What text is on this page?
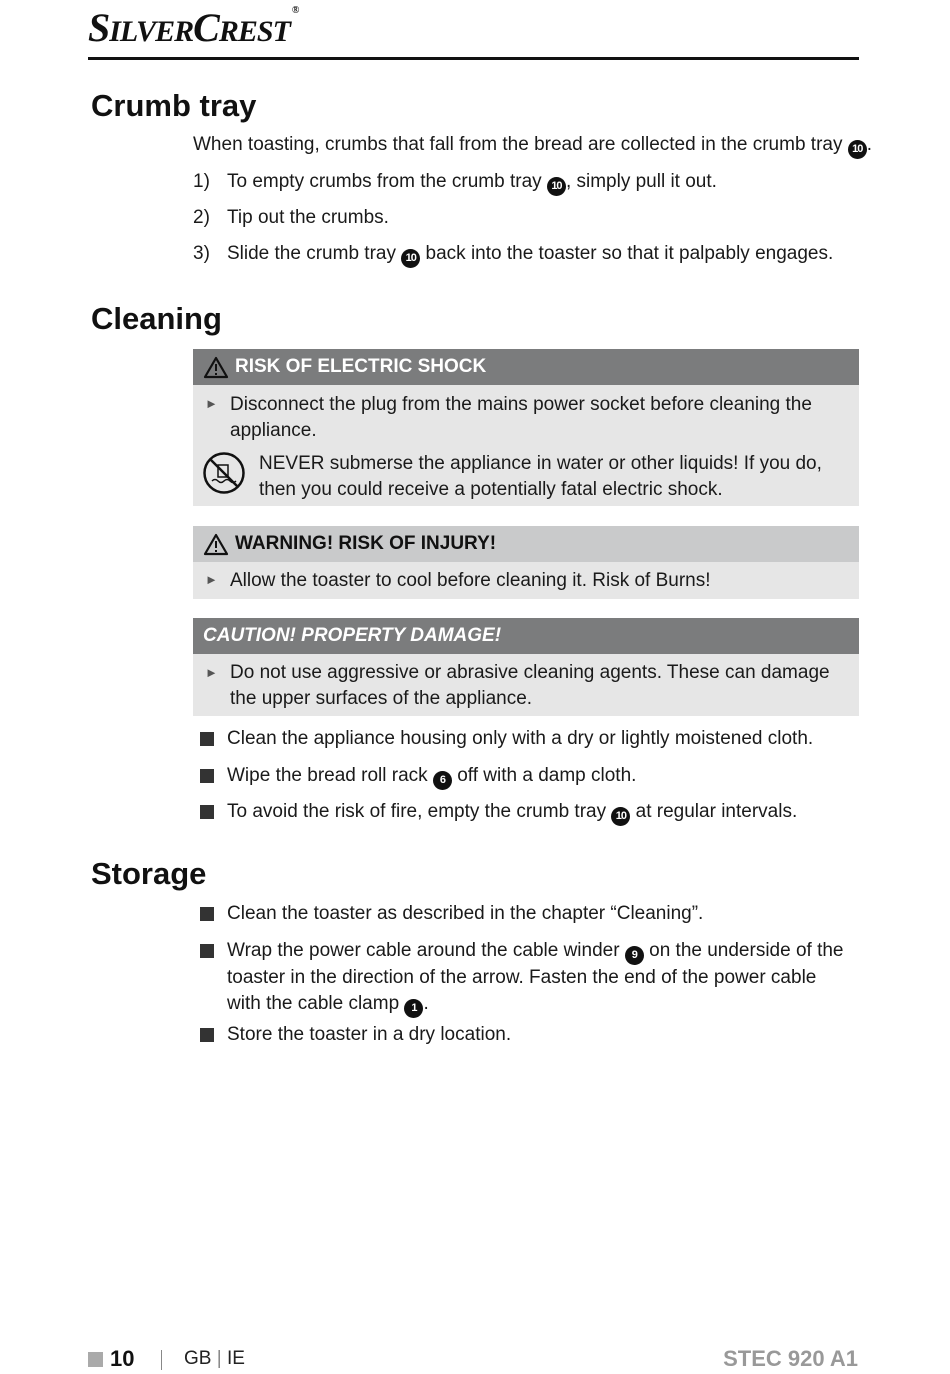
SILVERCREST®
Crumb tray
When toasting, crumbs that fall from the bread are collected in the crumb tray 10 .
1) To empty crumbs from the crumb tray 10 , simply pull it out.
2) Tip out the crumbs.
3) Slide the crumb tray 10 back into the toaster so that it palpably engages.
Cleaning
RISK OF ELECTRIC SHOCK
► Disconnect the plug from the mains power socket before cleaning the appliance.
NEVER submerse the appliance in water or other liquids! If you do, then you could receive a potentially fatal electric shock.
WARNING! RISK OF INJURY!
► Allow the toaster to cool before cleaning it. Risk of Burns!
CAUTION! PROPERTY DAMAGE!
► Do not use aggressive or abrasive cleaning agents. These can damage the upper surfaces of the appliance.
Clean the appliance housing only with a dry or lightly moistened cloth.
Wipe the bread roll rack 6 off with a damp cloth.
To avoid the risk of fire, empty the crumb tray 10 at regular intervals.
Storage
Clean the toaster as described in the chapter “Cleaning”.
Wrap the power cable around the cable winder 9 on the underside of the toaster in the direction of the arrow. Fasten the end of the power cable with the cable clamp 1 .
Store the toaster in a dry location.
10	GB | IE	STEC 920 A1
